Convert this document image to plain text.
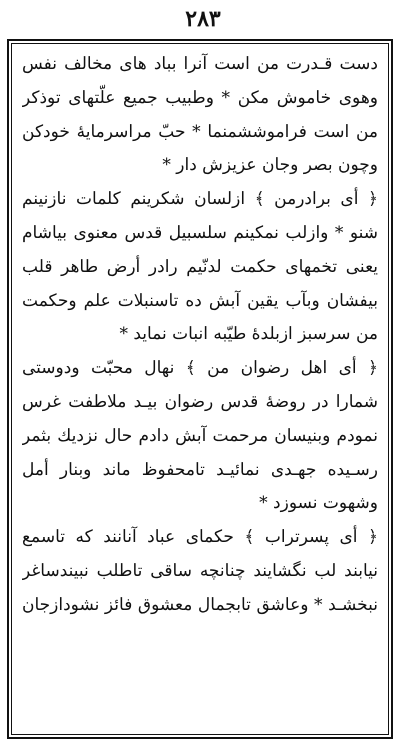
۲۸۳
دست قـدرت من است آنرا بباد های مخالف نفس
وهوی خاموش مکن * وطبیب جمیع علّتهای توذکر
من است فراموششمنما * حبّ مراسرمایهٔ خودکن
وچون بصر وجان عزیزش دار *
﴿ أی برادرمن ﴾ ازلسان شکرینم کلمات نازنینم
شنو * وازلب نمکینم سلسبیل قدس معنوی بیاشام
یعنی تخمهای حکمت لدنّیم رادر أرض طاهر قلب
بیفشان وبآب یقین آبش ده تاسنبلات علم وحکمت
من سرسبز ازبلدهٔ طیّبه انبات نماید *
﴿ أی اهل رضوان من ﴾ نهال محبّت ودوستی
شمارا در روضهٔ قدس رضوان بیـد ملاطفت غرس
نمودم وبنیسان مرحمت آبش دادم حال نزدیك بثمر
رسـیده جهـدی نمائیـد تامحفوظ ماند وبنار أمل
وشهوت نسوزد *
﴿ أی پسرتراب ﴾ حکمای عباد آنانند که تاسمع
نیابند لب نگشایند چنانچه ساقی تاطلب نبیندساغر
نبخشـد * وعاشق تابجمال معشوق فائز نشودازجان
